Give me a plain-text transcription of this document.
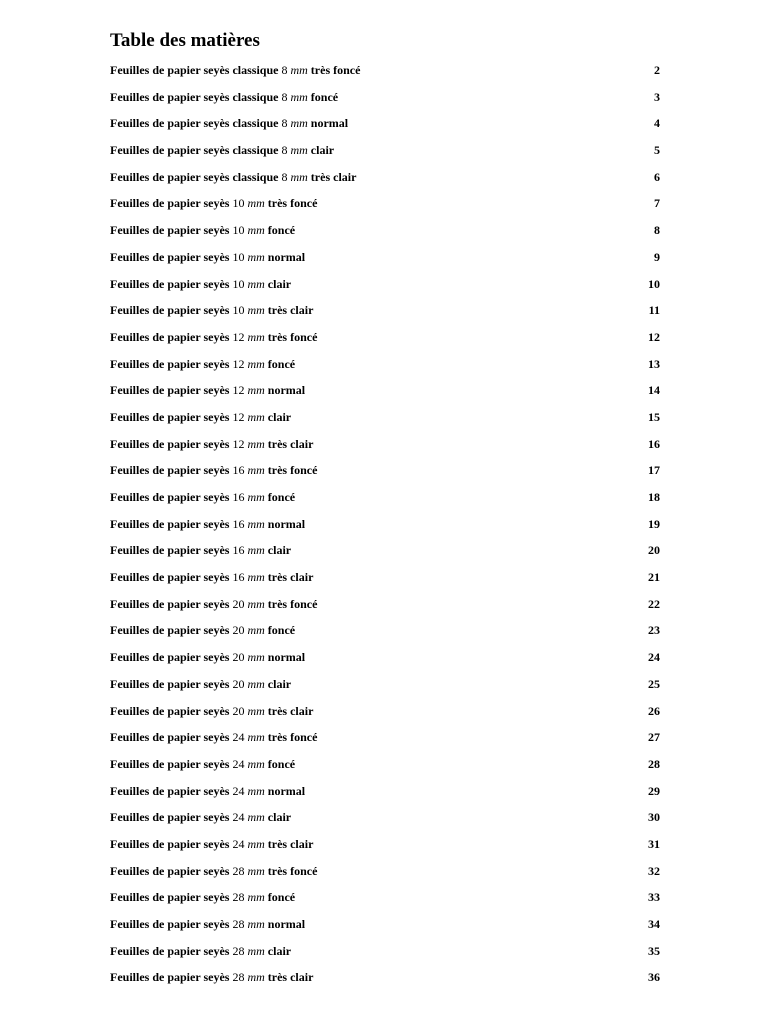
Table des matières
Feuilles de papier seyès classique 8 mm très foncé	2
Feuilles de papier seyès classique 8 mm foncé	3
Feuilles de papier seyès classique 8 mm normal	4
Feuilles de papier seyès classique 8 mm clair	5
Feuilles de papier seyès classique 8 mm très clair	6
Feuilles de papier seyès 10 mm très foncé	7
Feuilles de papier seyès 10 mm foncé	8
Feuilles de papier seyès 10 mm normal	9
Feuilles de papier seyès 10 mm clair	10
Feuilles de papier seyès 10 mm très clair	11
Feuilles de papier seyès 12 mm très foncé	12
Feuilles de papier seyès 12 mm foncé	13
Feuilles de papier seyès 12 mm normal	14
Feuilles de papier seyès 12 mm clair	15
Feuilles de papier seyès 12 mm très clair	16
Feuilles de papier seyès 16 mm très foncé	17
Feuilles de papier seyès 16 mm foncé	18
Feuilles de papier seyès 16 mm normal	19
Feuilles de papier seyès 16 mm clair	20
Feuilles de papier seyès 16 mm très clair	21
Feuilles de papier seyès 20 mm très foncé	22
Feuilles de papier seyès 20 mm foncé	23
Feuilles de papier seyès 20 mm normal	24
Feuilles de papier seyès 20 mm clair	25
Feuilles de papier seyès 20 mm très clair	26
Feuilles de papier seyès 24 mm très foncé	27
Feuilles de papier seyès 24 mm foncé	28
Feuilles de papier seyès 24 mm normal	29
Feuilles de papier seyès 24 mm clair	30
Feuilles de papier seyès 24 mm très clair	31
Feuilles de papier seyès 28 mm très foncé	32
Feuilles de papier seyès 28 mm foncé	33
Feuilles de papier seyès 28 mm normal	34
Feuilles de papier seyès 28 mm clair	35
Feuilles de papier seyès 28 mm très clair	36
